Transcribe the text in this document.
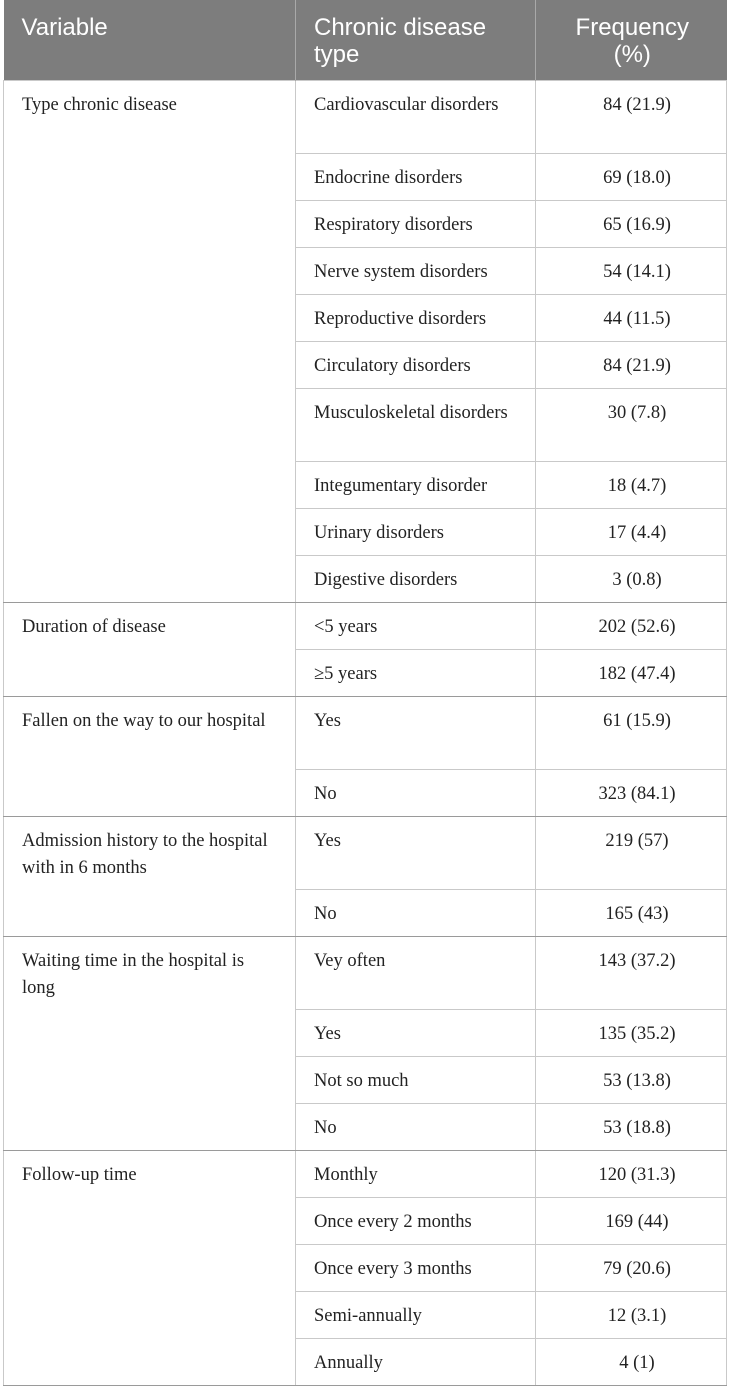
Variable	Chronic disease type	Frequency (%)
Type chronic disease	Cardiovascular disorders	84 (21.9)
	Endocrine disorders	69 (18.0)
	Respiratory disorders	65 (16.9)
	Nerve system disorders	54 (14.1)
	Reproductive disorders	44 (11.5)
	Circulatory disorders	84 (21.9)
	Musculoskeletal disorders	30 (7.8)
	Integumentary disorder	18 (4.7)
	Urinary disorders	17 (4.4)
	Digestive disorders	3 (0.8)
Duration of disease	<5 years	202 (52.6)
	≥5 years	182 (47.4)
Fallen on the way to our hospital	Yes	61 (15.9)
	No	323 (84.1)
Admission history to the hospital with in 6 months	Yes	219 (57)
	No	165 (43)
Waiting time in the hospital is long	Vey often	143 (37.2)
	Yes	135 (35.2)
	Not so much	53 (13.8)
	No	53 (18.8)
Follow-up time	Monthly	120 (31.3)
	Once every 2 months	169 (44)
	Once every 3 months	79 (20.6)
	Semi-annually	12 (3.1)
	Annually	4 (1)
